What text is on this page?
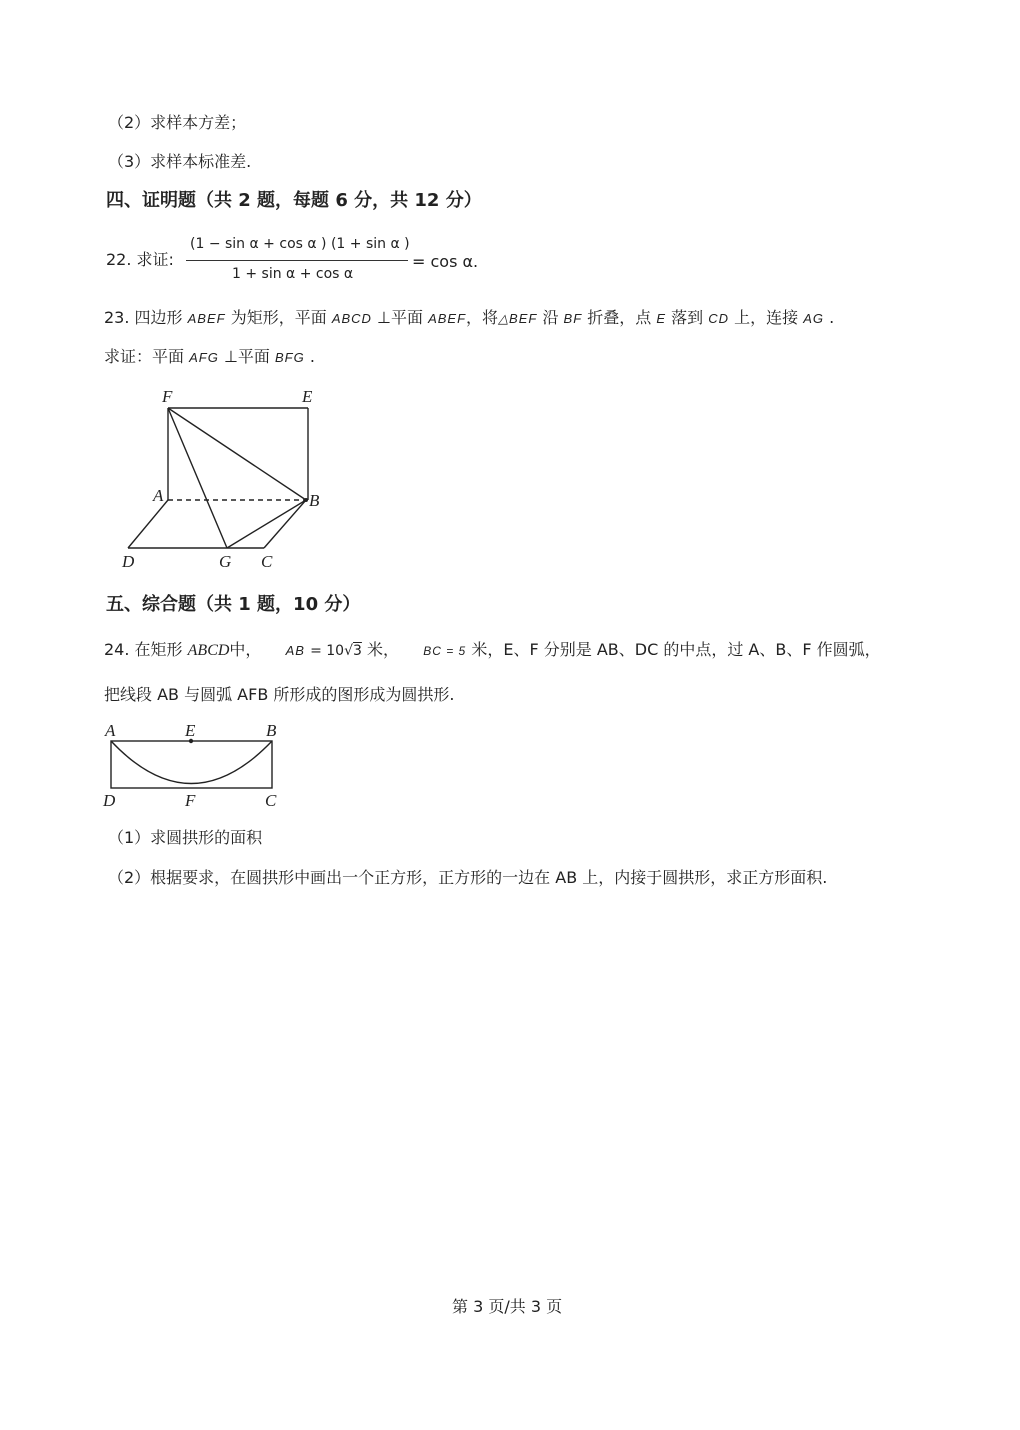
（2）求样本方差；
（3）求样本标准差.
四、证明题（共 2 题，每题 6 分，共 12 分）
22. 求证:
(1 − sin α + cos α ) (1 + sin α )
1 + sin α + cos α
= cos α.
23. 四边形 ABEF 为矩形，平面 ABCD ⊥平面 ABEF，将△BEF 沿 BF 折叠，点 E 落到 CD 上，连接 AG .
求证：平面 AFG ⊥平面 BFG .
F	E
A	B
D	G C
五、综合题（共 1 题，10 分）
24. 在矩形 ABCD中， AB = 10√3 米， BC = 5 米，E、F 分别是 AB、DC 的中点，过 A、B、F 作圆弧，
把线段 AB 与圆弧 AFB 所形成的图形成为圆拱形.
A	E	B
D	F	C
（1）求圆拱形的面积
（2）根据要求，在圆拱形中画出一个正方形，正方形的一边在 AB 上，内接于圆拱形，求正方形面积.
第 3 页/共 3 页
